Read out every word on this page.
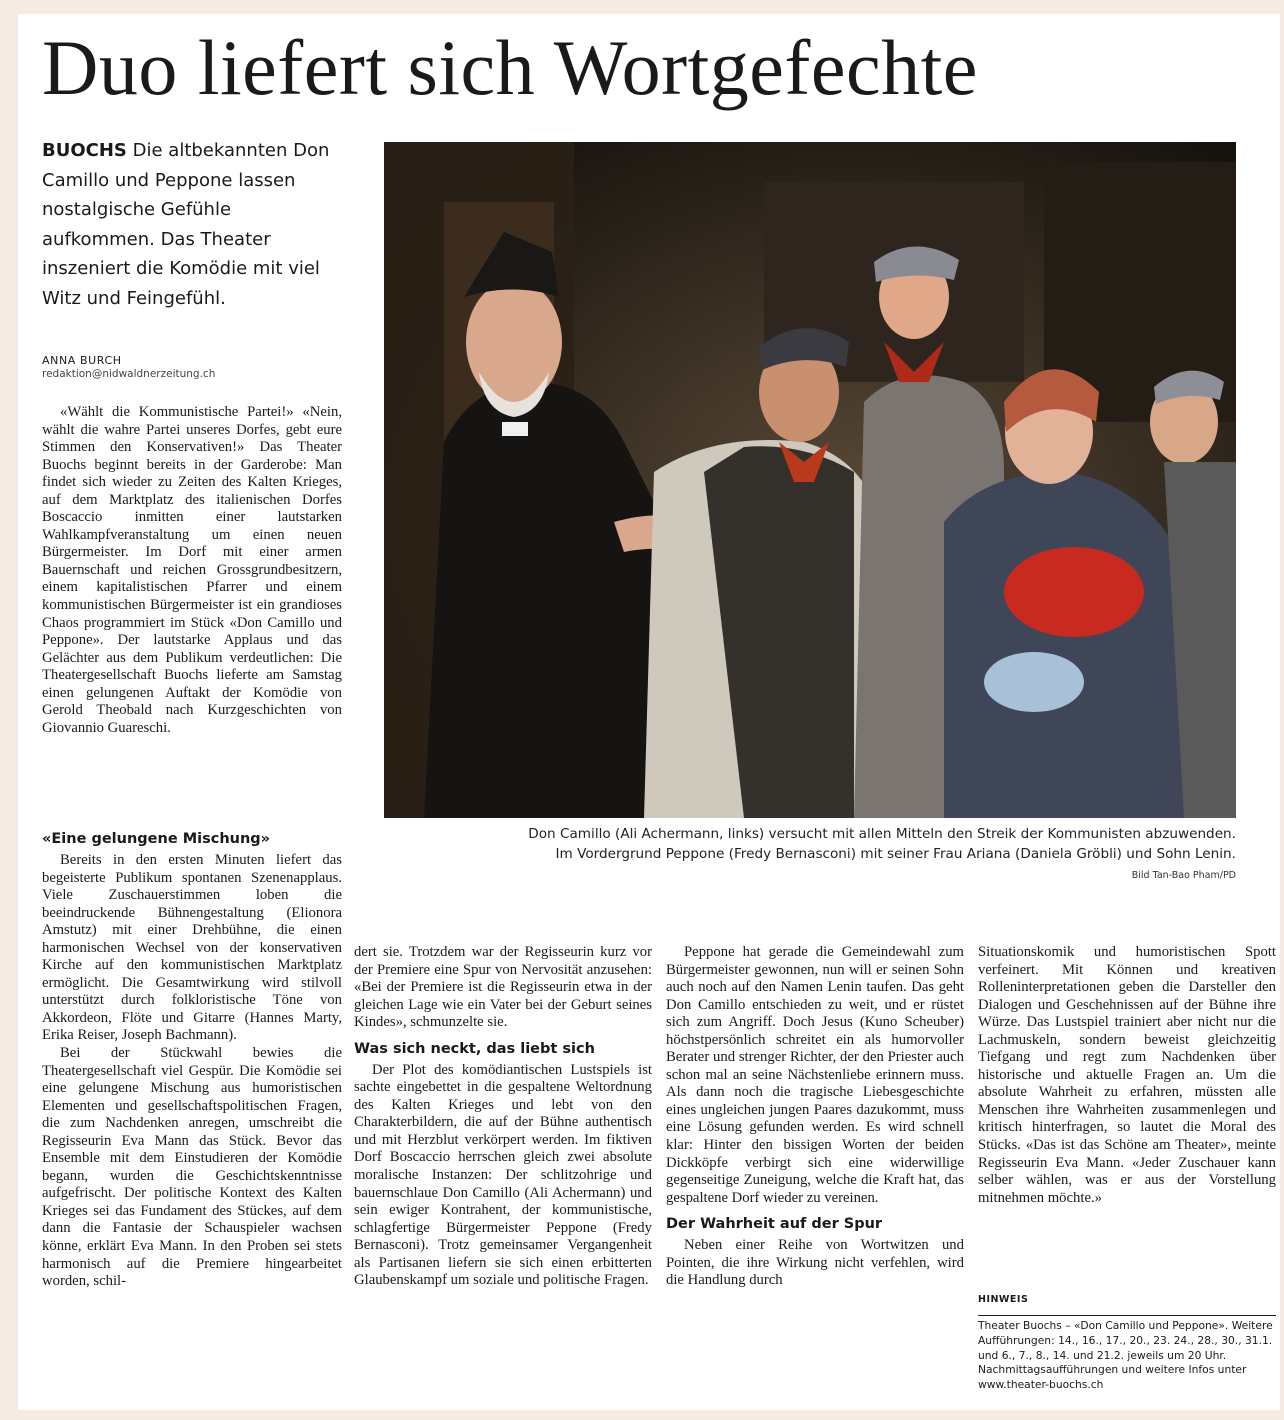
Duo liefert sich Wortgefechte
BUOCHS Die altbekannten Don Camillo und Peppone lassen nostalgische Gefühle aufkommen. Das Theater inszeniert die Komödie mit viel Witz und Feingefühl.
ANNA BURCH
redaktion@nidwaldnerzeitung.ch

«Wählt die Kommunistische Partei!» «Nein, wählt die wahre Partei unseres Dorfes, gebt eure Stimmen den Konservativen!» Das Theater Buochs beginnt bereits in der Garderobe: Man findet sich wieder zu Zeiten des Kalten Krieges, auf dem Marktplatz des italienischen Dorfes Boscaccio inmitten einer lautstarken Wahlkampfveranstaltung um einen neuen Bürgermeister. Im Dorf mit einer armen Bauernschaft und reichen Grossgrundbesitzern, einem kapitalistischen Pfarrer und einem kommunistischen Bürgermeister ist ein grandioses Chaos programmiert im Stück «Don Camillo und Peppone». Der lautstarke Applaus und das Gelächter aus dem Publikum verdeutlichen: Die Theatergesellschaft Buochs lieferte am Samstag einen gelungenen Auftakt der Komödie von Gerold Theobald nach Kurzgeschichten von Giovannio Guareschi.

«Eine gelungene Mischung»

Bereits in den ersten Minuten liefert das begeisterte Publikum spontanen Szenenapplaus. Viele Zuschauerstimmen loben die beeindruckende Bühnengestaltung (Elionora Amstutz) mit einer Drehbühne, die einen harmonischen Wechsel von der konservativen Kirche auf den kommunistischen Marktplatz ermöglicht. Die Gesamtwirkung wird stilvoll unterstützt durch folkloristische Töne von Akkordeon, Flöte und Gitarre (Hannes Marty, Erika Reiser, Joseph Bachmann).

Bei der Stückwahl bewies die Theatergesellschaft viel Gespür. Die Komödie sei eine gelungene Mischung aus humoristischen Elementen und gesellschaftspolitischen Fragen, die zum Nachdenken anregen, umschreibt die Regisseurin Eva Mann das Stück. Bevor das Ensemble mit dem Einstudieren der Komödie begann, wurden die Geschichtskenntnisse aufgefrischt. Der politische Kontext des Kalten Krieges sei das Fundament des Stückes, auf dem dann die Fantasie der Schauspieler wachsen könne, erklärt Eva Mann. In den Proben sei stets harmonisch auf die Premiere hingearbeitet worden, schil-

dert sie. Trotzdem war der Regisseurin kurz vor der Premiere eine Spur von Nervosität anzusehen: «Bei der Premiere ist die Regisseurin etwa in der gleichen Lage wie ein Vater bei der Geburt seines Kindes», schmunzelte sie.

Was sich neckt, das liebt sich

Der Plot des komödiantischen Lustspiels ist sachte eingebettet in die gespaltene Weltordnung des Kalten Krieges und lebt von den Charakterbildern, die auf der Bühne authentisch und mit Herzblut verkörpert werden. Im fiktiven Dorf Boscaccio herrschen gleich zwei absolute moralische Instanzen: Der schlitzohrige und bauernschlaue Don Camillo (Ali Achermann) und sein ewiger Kontrahent, der kommunistische, schlagfertige Bürgermeister Peppone (Fredy Bernasconi). Trotz gemeinsamer Vergangenheit als Partisanen liefern sie sich einen erbitterten Glaubenskampf um soziale und politische Fragen.

Peppone hat gerade die Gemeindewahl zum Bürgermeister gewonnen, nun will er seinen Sohn auch noch auf den Namen Lenin taufen. Das geht Don Camillo entschieden zu weit, und er rüstet sich zum Angriff. Doch Jesus (Kuno Scheuber) höchstpersönlich schreitet ein als humorvoller Berater und strenger Richter, der den Priester auch schon mal an seine Nächstenliebe erinnern muss. Als dann noch die tragische Liebesgeschichte eines ungleichen jungen Paares dazukommt, muss eine Lösung gefunden werden. Es wird schnell klar: Hinter den bissigen Worten der beiden Dickköpfe verbirgt sich eine widerwillige gegenseitige Zuneigung, welche die Kraft hat, das gespaltene Dorf wieder zu vereinen.

Der Wahrheit auf der Spur

Neben einer Reihe von Wortwitzen und Pointen, die ihre Wirkung nicht verfehlen, wird die Handlung durch

Situationskomik und humoristischen Spott verfeinert. Mit Können und kreativen Rolleninterpretationen geben die Darsteller den Dialogen und Geschehnissen auf der Bühne ihre Würze. Das Lustspiel trainiert aber nicht nur die Lachmuskeln, sondern beweist gleichzeitig Tiefgang und regt zum Nachdenken über historische und aktuelle Fragen an. Um die absolute Wahrheit zu erfahren, müssten alle Menschen ihre Wahrheiten zusammenlegen und kritisch hinterfragen, so lautet die Moral des Stücks. «Das ist das Schöne am Theater», meinte Regisseurin Eva Mann. «Jeder Zuschauer kann selber wählen, was er aus der Vorstellung mitnehmen möchte.»

Don Camillo (Ali Achermann, links) versucht mit allen Mitteln den Streik der Kommunisten abzuwenden.
Im Vordergrund Peppone (Fredy Bernasconi) mit seiner Frau Ariana (Daniela Gröbli) und Sohn Lenin.
Bild Tan-Bao Pham/PD
HINWEIS
Theater Buochs – «Don Camillo und Peppone». Weitere Aufführungen: 14., 16., 17., 20., 23. 24., 28., 30., 31.1. und 6., 7., 8., 14. und 21.2. jeweils um 20 Uhr. Nachmittagsaufführungen und weitere Infos unter www.theater-buochs.ch
